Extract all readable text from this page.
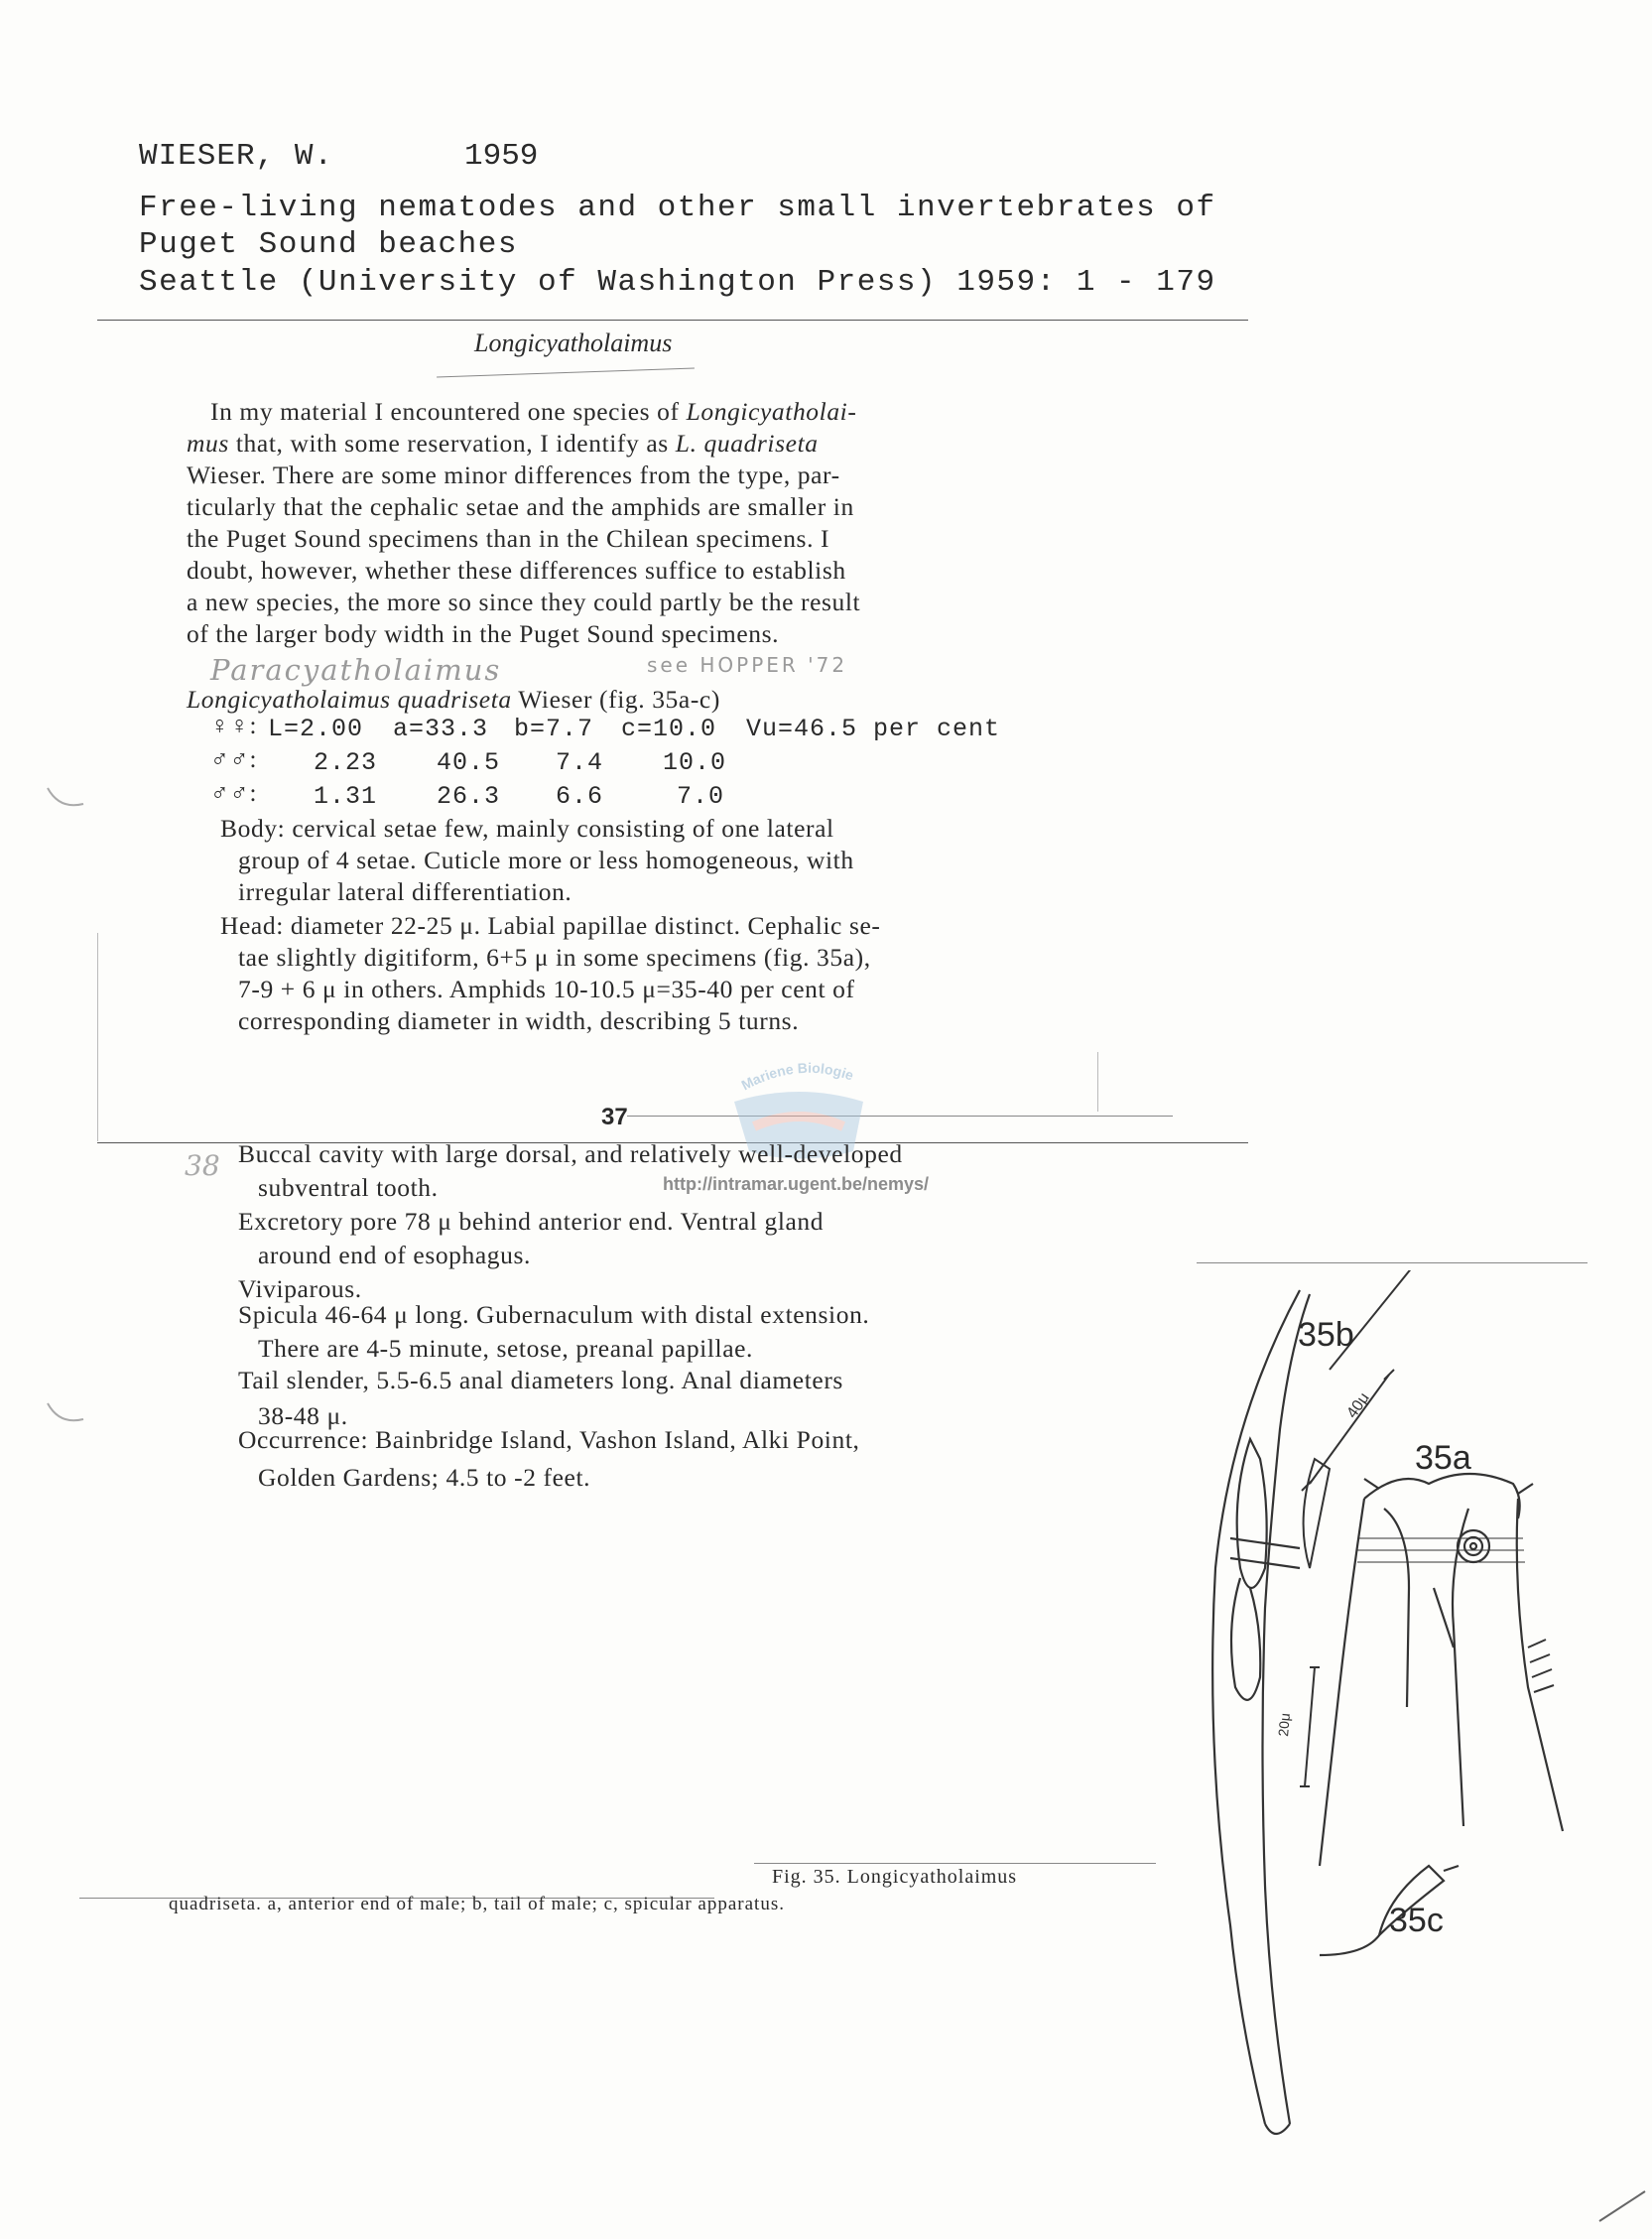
WIESER, W.	1959
Free-living nematodes and other small invertebrates of
Puget Sound beaches
Seattle (University of Washington Press) 1959: 1 - 179
Longicyatholaimus
In my material I encountered one species of Longicyatholai-
mus that, with some reservation, I identify as L. quadriseta
Wieser. There are some minor differences from the type, par-
ticularly that the cephalic setae and the amphids are smaller in
the Puget Sound specimens than in the Chilean specimens. I
doubt, however, whether these differences suffice to establish
a new species, the more so since they could partly be the result
of the larger body width in the Puget Sound specimens.
Paracyatholaimus	see HOPPER '72
Longicyatholaimus quadriseta Wieser (fig. 35a-c)
♀♀: L=2.00 a=33.3 b=7.7 c=10.0 Vu=46.5 per cent
♂♂: 2.23 40.5 7.4 10.0
♂♂: 1.31 26.3 6.6	7.0
Body: cervical setae few, mainly consisting of one lateral
group of 4 setae. Cuticle more or less homogeneous, with
irregular lateral differentiation.
Head: diameter 22-25 μ. Labial papillae distinct. Cephalic se-
tae slightly digitiform, 6+5 μ in some specimens (fig. 35a),
7-9 + 6 μ in others. Amphids 10-10.5 μ=35-40 per cent of
corresponding diameter in width, describing 5 turns.
37
Mariene Biologie
http://intramar.ugent.be/nemys/
38 Buccal cavity with large dorsal, and relatively well-developed
subventral tooth.
Excretory pore 78 μ behind anterior end. Ventral gland
around end of esophagus.
Viviparous.
Spicula 46-64 μ long. Gubernaculum with distal extension.
There are 4-5 minute, setose, preanal papillae.
Tail slender, 5.5-6.5 anal diameters long. Anal diameters
38-48 μ.
Occurrence: Bainbridge Island, Vashon Island, Alki Point,
Golden Gardens; 4.5 to -2 feet.
40μ
20μ
35b
35a
35c
Fig. 35. Longicyatholaimus
quadriseta. a, anterior end of male; b, tail of male; c, spicular apparatus.
